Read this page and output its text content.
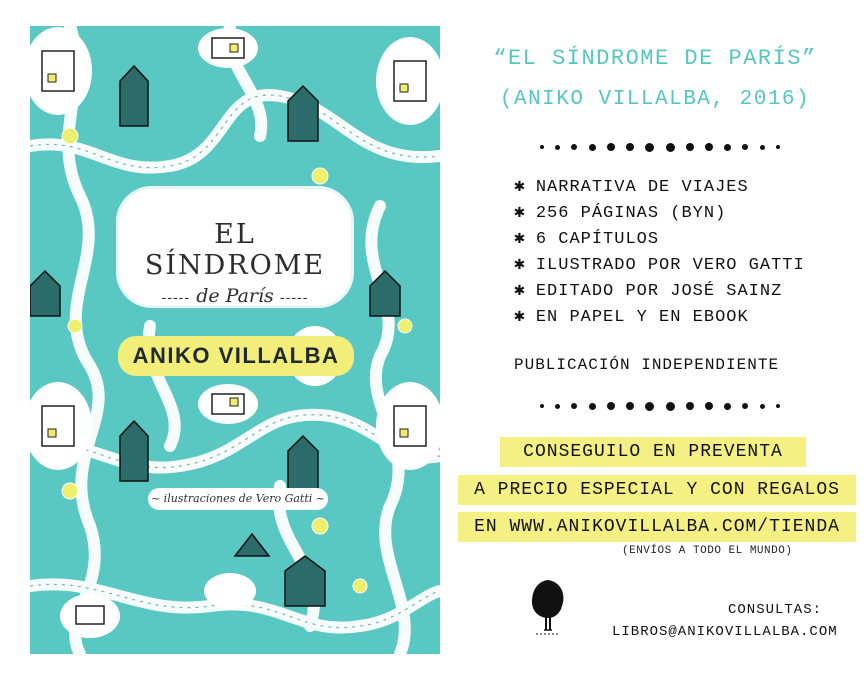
EL SÍNDROME
----- de París -----
ANIKO VILLALBA
~ ilustraciones de Vero Gatti ~
“EL SÍNDROME DE PARÍS”
(ANIKO VILLALBA, 2016)
✱ NARRATIVA DE VIAJES
✱ 256 PÁGINAS (BYN)
✱ 6 CAPÍTULOS
✱ ILUSTRADO POR VERO GATTI
✱ EDITADO POR JOSÉ SAINZ
✱ EN PAPEL Y EN EBOOK
PUBLICACIÓN INDEPENDIENTE
CONSEGUILO EN PREVENTA
A PRECIO ESPECIAL Y CON REGALOS
EN WWW.ANIKOVILLALBA.COM/TIENDA
(ENVÍOS A TODO EL MUNDO)
CONSULTAS:
LIBROS@ANIKOVILLALBA.COM
